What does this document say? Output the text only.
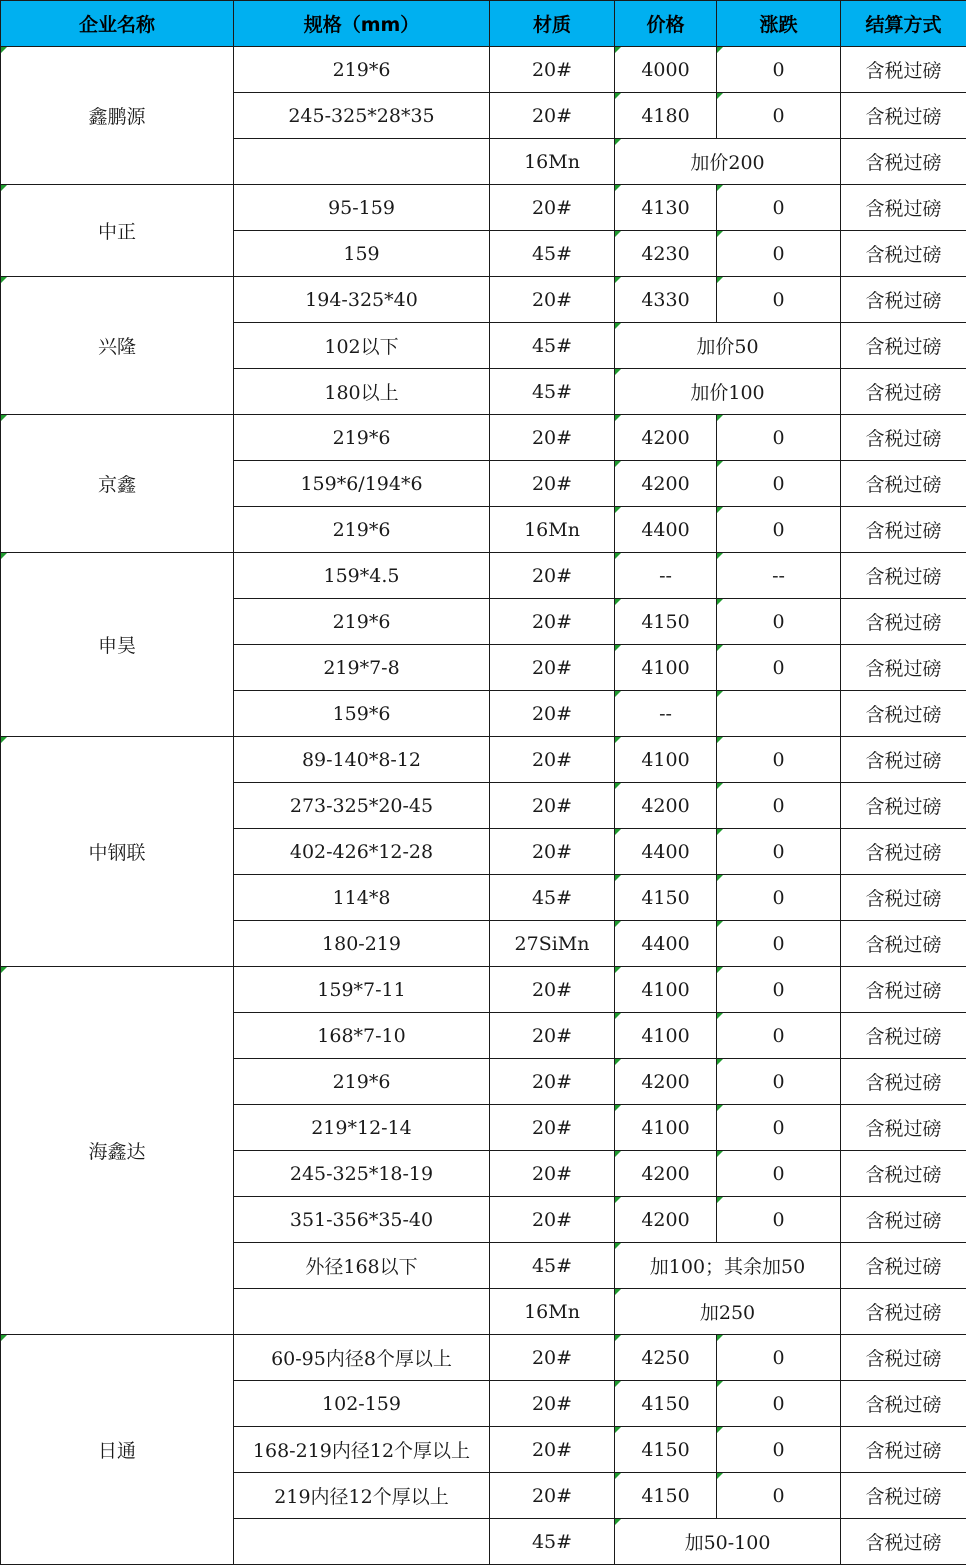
企业名称	规格（mm）	材质	价格	涨跌	结算方式
鑫鹏源	219*6	20#	4000	0	含税过磅
	245-325*28*35	20#	4180	0	含税过磅
		16Mn	加价200		含税过磅
中正	95-159	20#	4130	0	含税过磅
	159	45#	4230	0	含税过磅
兴隆	194-325*40	20#	4330	0	含税过磅
	102以下	45#	加价50		含税过磅
	180以上	45#	加价100		含税过磅
京鑫	219*6	20#	4200	0	含税过磅
	159*6/194*6	20#	4200	0	含税过磅
	219*6	16Mn	4400	0	含税过磅
申昊	159*4.5	20#	--	--	含税过磅
	219*6	20#	4150	0	含税过磅
	219*7-8	20#	4100	0	含税过磅
	159*6	20#	--		含税过磅
中钢联	89-140*8-12	20#	4100	0	含税过磅
	273-325*20-45	20#	4200	0	含税过磅
	402-426*12-28	20#	4400	0	含税过磅
	114*8	45#	4150	0	含税过磅
	180-219	27SiMn	4400	0	含税过磅
海鑫达	159*7-11	20#	4100	0	含税过磅
	168*7-10	20#	4100	0	含税过磅
	219*6	20#	4200	0	含税过磅
	219*12-14	20#	4100	0	含税过磅
	245-325*18-19	20#	4200	0	含税过磅
	351-356*35-40	20#	4200	0	含税过磅
	外径168以下	45#	加100；其余加50		含税过磅
		16Mn	加250		含税过磅
日通	60-95内径8个厚以上	20#	4250	0	含税过磅
	102-159	20#	4150	0	含税过磅
	168-219内径12个厚以上	20#	4150	0	含税过磅
	219内径12个厚以上	20#	4150	0	含税过磅
		45#	加50-100		含税过磅
